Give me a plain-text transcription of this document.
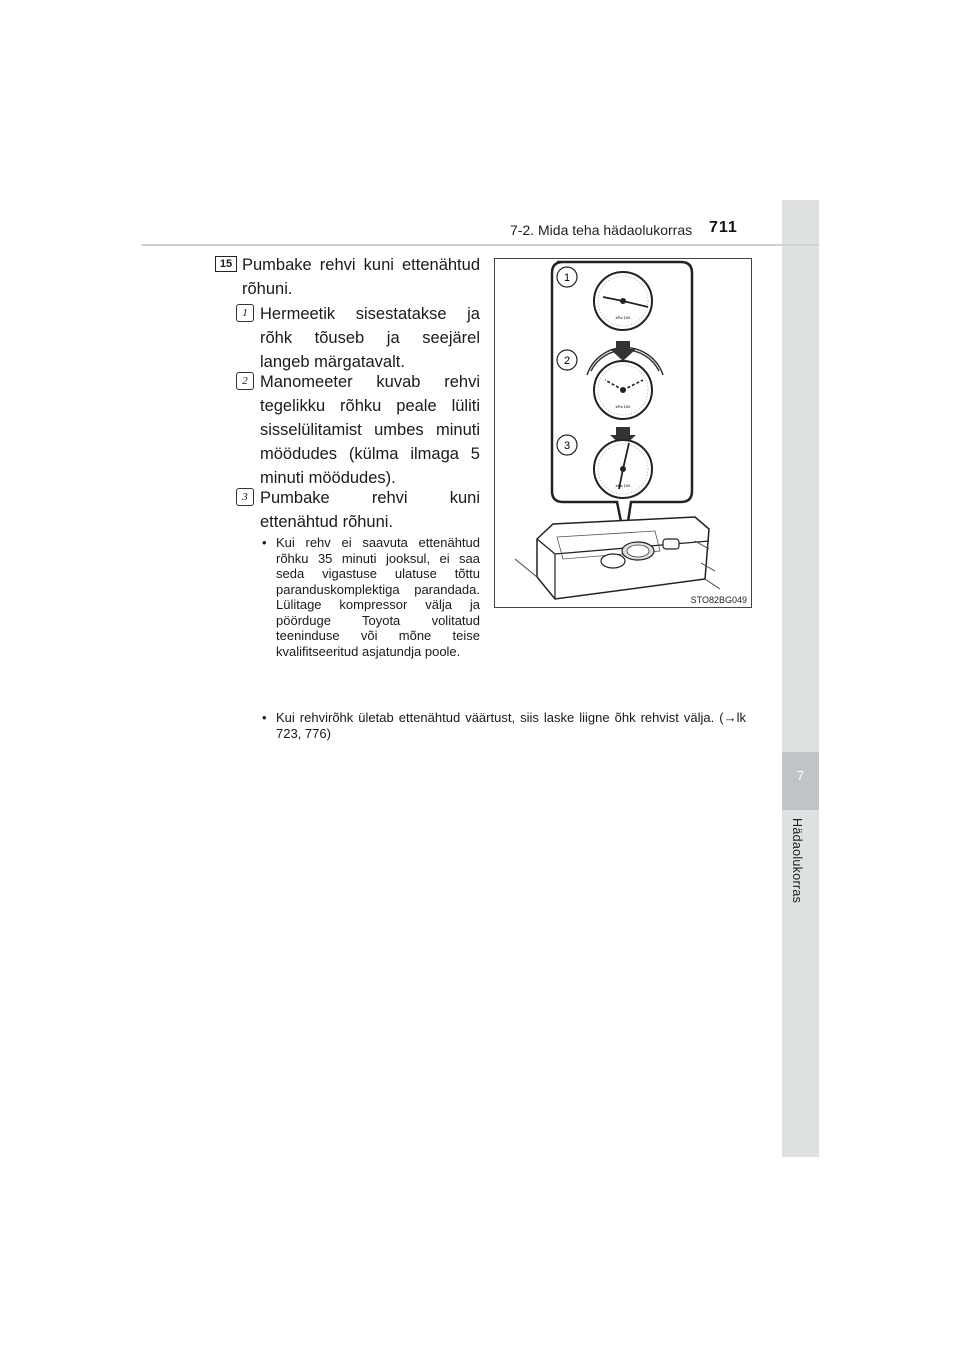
7
Hädaolukorras
7-2. Mida teha hädaolukorras 711
15 Pumbake rehvi kuni ettenähtud rõhuni.
1 Hermeetik sisestatakse ja rõhk tõuseb ja seejärel langeb märgatavalt.
2 Manomeeter kuvab rehvi tegelikku rõhku peale lüliti sisselülitamist umbes minuti möödudes (külma ilmaga 5 minuti möödudes).
3 Pumbake rehvi kuni ettenähtud rõhuni.
• Kui rehv ei saavuta ettenähtud rõhku 35 minuti jooksul, ei saa seda vigastuse ulatuse tõttu paranduskomplektiga parandada. Lülitage kompressor välja ja pöörduge Toyota volitatud teeninduse või mõne teise kvalifitseeritud asjatundja poole.
• Kui rehvirõhk ületab ettenähtud väärtust, siis laske liigne õhk rehvist välja. (→lk 723, 776)
kPa 100
1
kPa 100
2
kPa 100
3
STO82BG049
